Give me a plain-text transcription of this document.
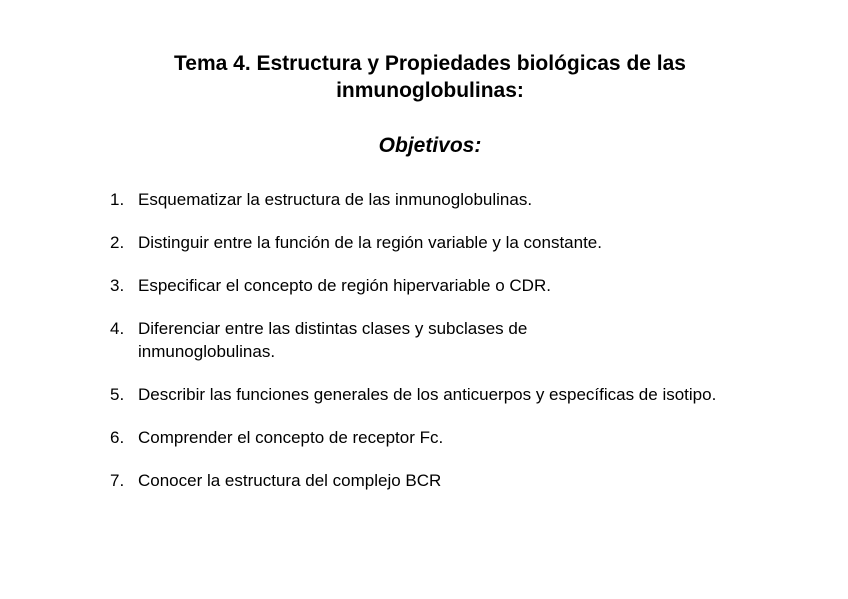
Tema 4. Estructura y Propiedades biológicas de las
inmunoglobulinas:
Objetivos:
1. Esquematizar la estructura de las inmunoglobulinas.
2. Distinguir entre la función de la región variable y la constante.
3. Especificar el concepto de región hipervariable o CDR.
4. Diferenciar entre las distintas clases y subclases de inmunoglobulinas.
5. Describir las funciones generales de los anticuerpos y específicas de isotipo.
6. Comprender el concepto de receptor Fc.
7. Conocer la estructura del complejo BCR
